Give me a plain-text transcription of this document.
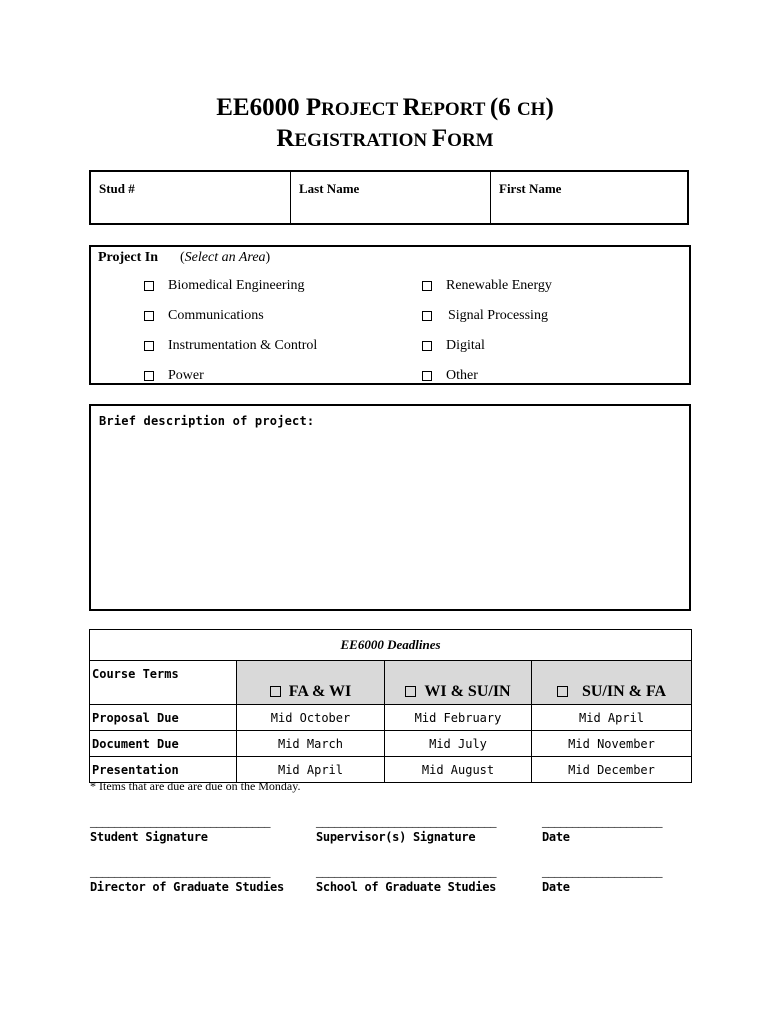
EE6000 PROJECT REPORT (6 CH)
REGISTRATION FORM
Stud #	Last Name	First Name
Project In (Select an Area)
Biomedical Engineering
Communications
Instrumentation & Control
Power
Renewable Energy
Signal Processing
Digital
Other
Brief description of project:
EE6000 Deadlines			
Course Terms	FA & WI	WI & SU/IN	SU/IN & FA
Proposal Due	Mid October	Mid February	Mid April
Document Due	Mid March	Mid July	Mid November
Presentation	Mid April	Mid August	Mid December
* Items that are due are due on the Monday.
______________________________	______________________________	____________________
Student Signature	Supervisor(s) Signature	Date
______________________________	______________________________	____________________
Director of Graduate Studies	School of Graduate Studies	Date
